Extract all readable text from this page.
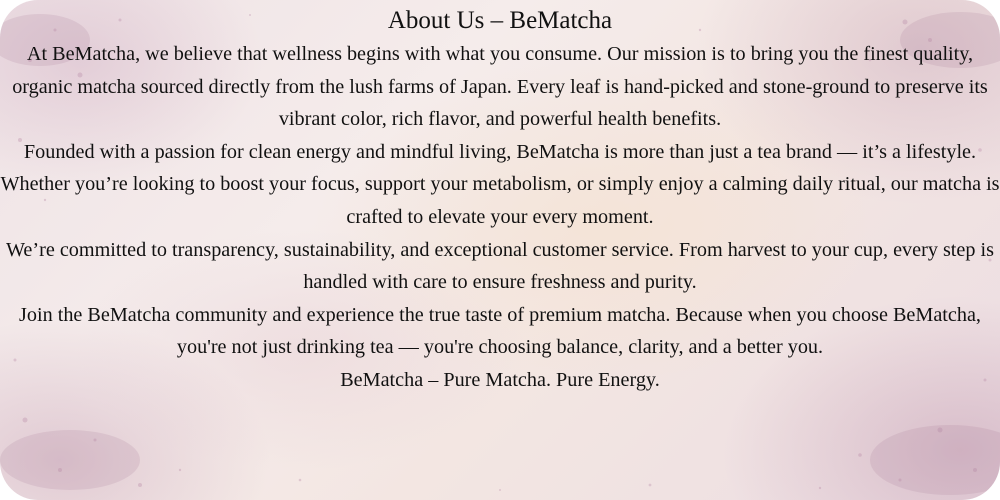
About Us – BeMatcha

At BeMatcha, we believe that wellness begins with what you consume. Our mission is to bring you the finest quality, organic matcha sourced directly from the lush farms of Japan. Every leaf is hand-picked and stone-ground to preserve its vibrant color, rich flavor, and powerful health benefits.

Founded with a passion for clean energy and mindful living, BeMatcha is more than just a tea brand — it’s a lifestyle. Whether you’re looking to boost your focus, support your metabolism, or simply enjoy a calming daily ritual, our matcha is crafted to elevate your every moment.

We’re committed to transparency, sustainability, and exceptional customer service. From harvest to your cup, every step is handled with care to ensure freshness and purity.

Join the BeMatcha community and experience the true taste of premium matcha. Because when you choose BeMatcha, you're not just drinking tea — you're choosing balance, clarity, and a better you.

BeMatcha – Pure Matcha. Pure Energy.
